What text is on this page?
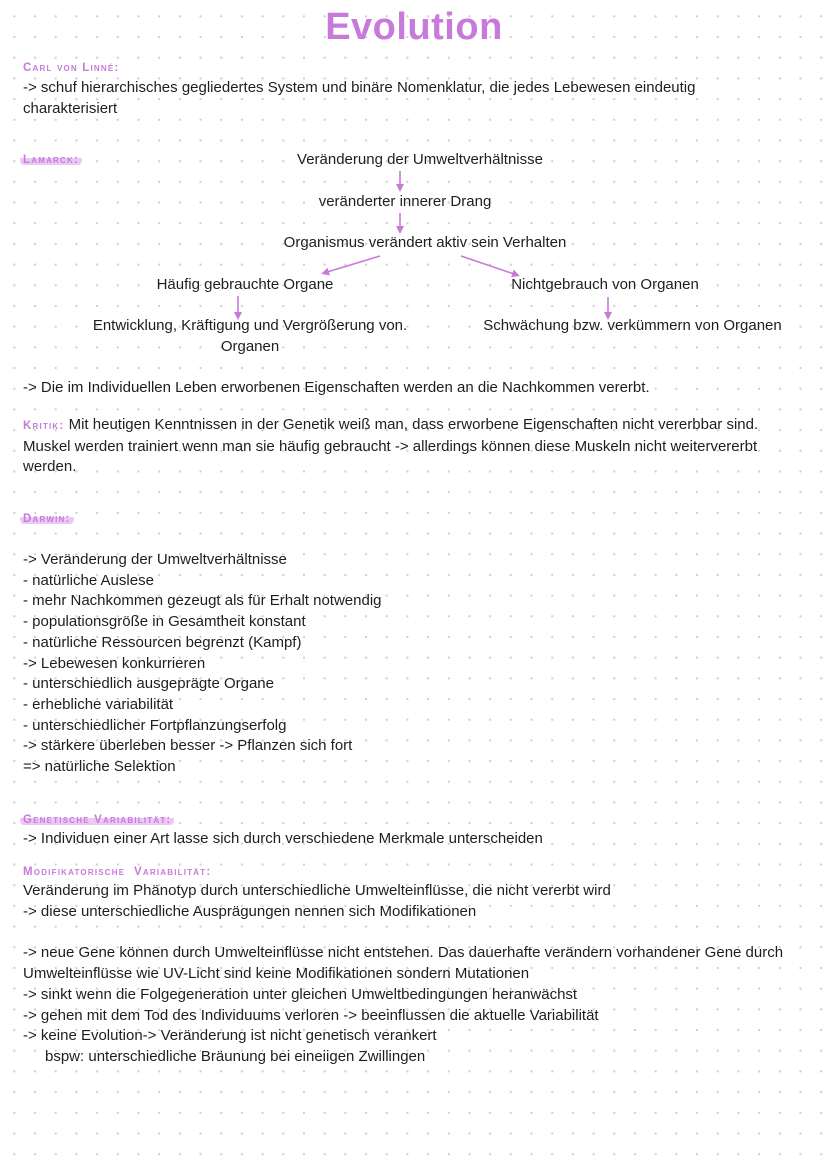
Evolution
Carl von Linné:
-> schuf hierarchisches gegliedertes System und binäre Nomenklatur, die jedes Lebewesen eindeutig charakterisiert
Lamarck:	Veränderung der Umweltverhältnisse
veränderter innerer Drang
Organismus verändert aktiv sein Verhalten
Häufig gebrauchte Organe	Nichtgebrauch von Organen
Entwicklung, Kräftigung und Vergrößerung von. Organen
Schwächung bzw. verkümmern von Organen
-> Die im Individuellen Leben erworbenen Eigenschaften werden an die Nachkommen vererbt.
Kritik: Mit heutigen Kenntnissen in der Genetik weiß man, dass erworbene Eigenschaften nicht vererbbar sind. Muskel werden trainiert wenn man sie häufig gebraucht -> allerdings können diese Muskeln nicht weitervererbt werden.
Darwin:
-> Veränderung der Umweltverhältnisse
- natürliche Auslese
- mehr Nachkommen gezeugt als für Erhalt notwendig
- populationsgröße in Gesamtheit konstant
- natürliche Ressourcen begrenzt (Kampf)
-> Lebewesen konkurrieren
- unterschiedlich ausgeprägte Organe
- erhebliche variabilität
- unterschiedlicher Fortpflanzungserfolg
-> stärkere überleben besser -> Pflanzen sich fort
=> natürliche Selektion
Genetische Variabilität:
-> Individuen einer Art lasse sich durch verschiedene Merkmale unterscheiden
Modifikatorische  Variabilität:
Veränderung im Phänotyp durch unterschiedliche Umwelteinflüsse, die nicht vererbt wird
-> diese unterschiedliche Ausprägungen nennen sich Modifikationen
-> neue Gene können durch Umwelteinflüsse nicht entstehen. Das dauerhafte verändern vorhandener Gene durch Umwelteinflüsse wie UV-Licht sind keine Modifikationen sondern Mutationen
-> sinkt wenn die Folgegeneration unter gleichen Umweltbedingungen heranwächst
-> gehen mit dem Tod des Individuums verloren -> beeinflussen die aktuelle Variabilität
-> keine Evolution-> Veränderung ist nicht genetisch verankert
bspw: unterschiedliche Bräunung bei eineiigen Zwillingen
